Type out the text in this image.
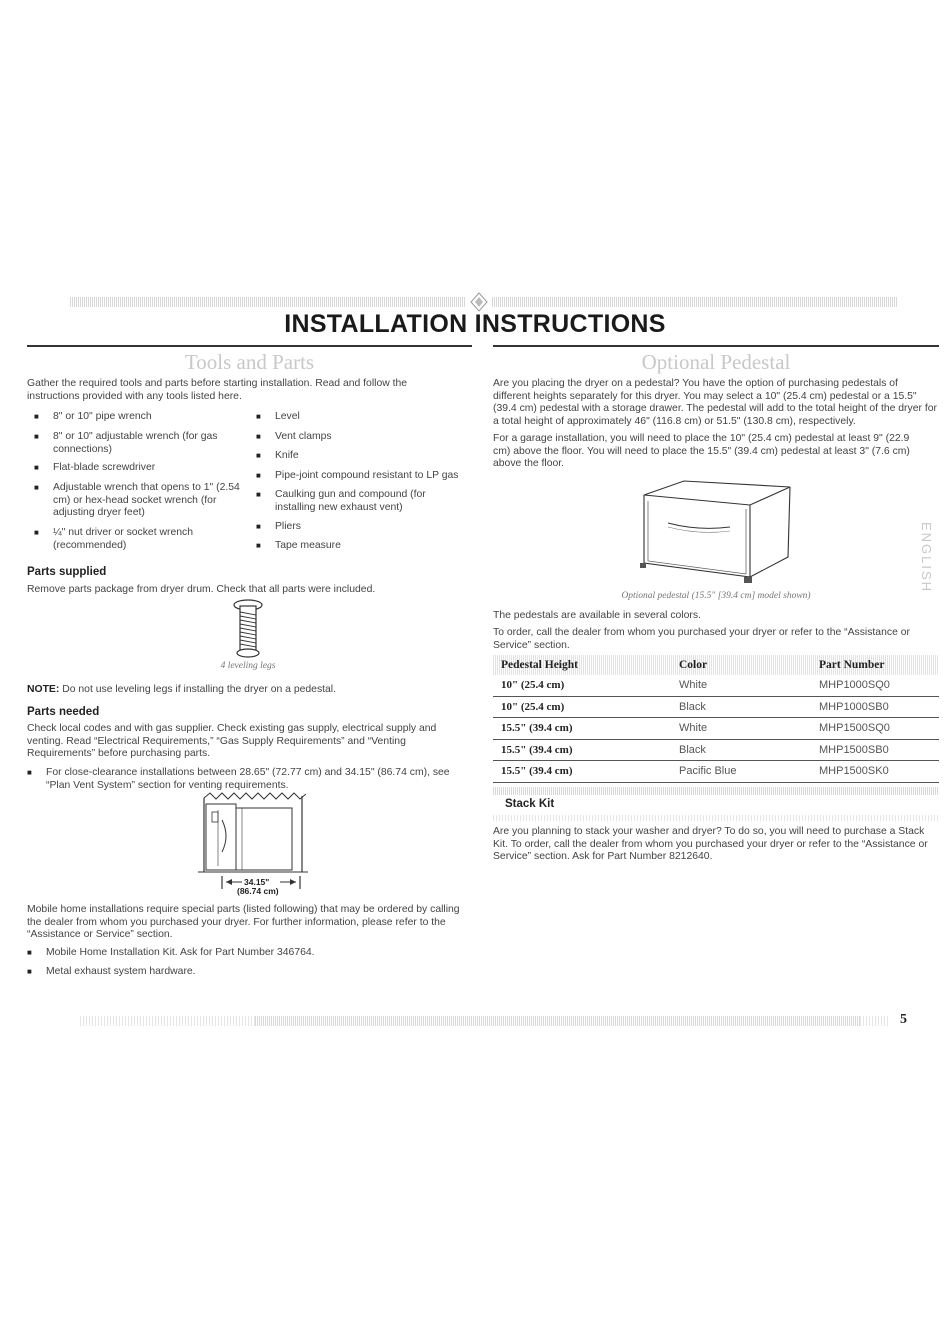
INSTALLATION INSTRUCTIONS
Tools and Parts
Gather the required tools and parts before starting installation. Read and follow the instructions provided with any tools listed here.
■ 8" or 10" pipe wrench
■ 8" or 10" adjustable wrench (for gas connections)
■ Flat-blade screwdriver
■ Adjustable wrench that opens to 1" (2.54 cm) or hex-head socket wrench (for adjusting dryer feet)
■ ¼" nut driver or socket wrench (recommended)
■ Level
■ Vent clamps
■ Knife
■ Pipe-joint compound resistant to LP gas
■ Caulking gun and compound (for installing new exhaust vent)
■ Pliers
■ Tape measure
Parts supplied
Remove parts package from dryer drum. Check that all parts were included.
4 leveling legs
NOTE: Do not use leveling legs if installing the dryer on a pedestal.
Parts needed
Check local codes and with gas supplier. Check existing gas supply, electrical supply and venting. Read “Electrical Requirements,” “Gas Supply Requirements” and “Venting Requirements” before purchasing parts.
■ For close-clearance installations between 28.65" (72.77 cm) and 34.15" (86.74 cm), see “Plan Vent System” section for venting requirements.
34.15"
(86.74 cm)
Mobile home installations require special parts (listed following) that may be ordered by calling the dealer from whom you purchased your dryer. For further information, please refer to the “Assistance or Service” section.
■ Mobile Home Installation Kit. Ask for Part Number 346764.
■ Metal exhaust system hardware.
Optional Pedestal
Are you placing the dryer on a pedestal? You have the option of purchasing pedestals of different heights separately for this dryer. You may select a 10" (25.4 cm) pedestal or a 15.5" (39.4 cm) pedestal with a storage drawer. The pedestal will add to the total height of the dryer for a total height of approximately 46" (116.8 cm) or 51.5" (130.8 cm), respectively.
For a garage installation, you will need to place the 10" (25.4 cm) pedestal at least 9" (22.9 cm) above the floor. You will need to place the 15.5" (39.4 cm) pedestal at least 3" (7.6 cm) above the floor.
Optional pedestal (15.5" [39.4 cm] model shown)
The pedestals are available in several colors.
To order, call the dealer from whom you purchased your dryer or refer to the “Assistance or Service” section.
Pedestal Height	Color	Part Number
10" (25.4 cm)	White	MHP1000SQ0
10" (25.4 cm)	Black	MHP1000SB0
15.5" (39.4 cm)	White	MHP1500SQ0
15.5" (39.4 cm)	Black	MHP1500SB0
15.5" (39.4 cm)	Pacific Blue	MHP1500SK0
Stack Kit
Are you planning to stack your washer and dryer? To do so, you will need to purchase a Stack Kit. To order, call the dealer from whom you purchased your dryer or refer to the “Assistance or Service” section. Ask for Part Number 8212640.
ENGLISH
5
